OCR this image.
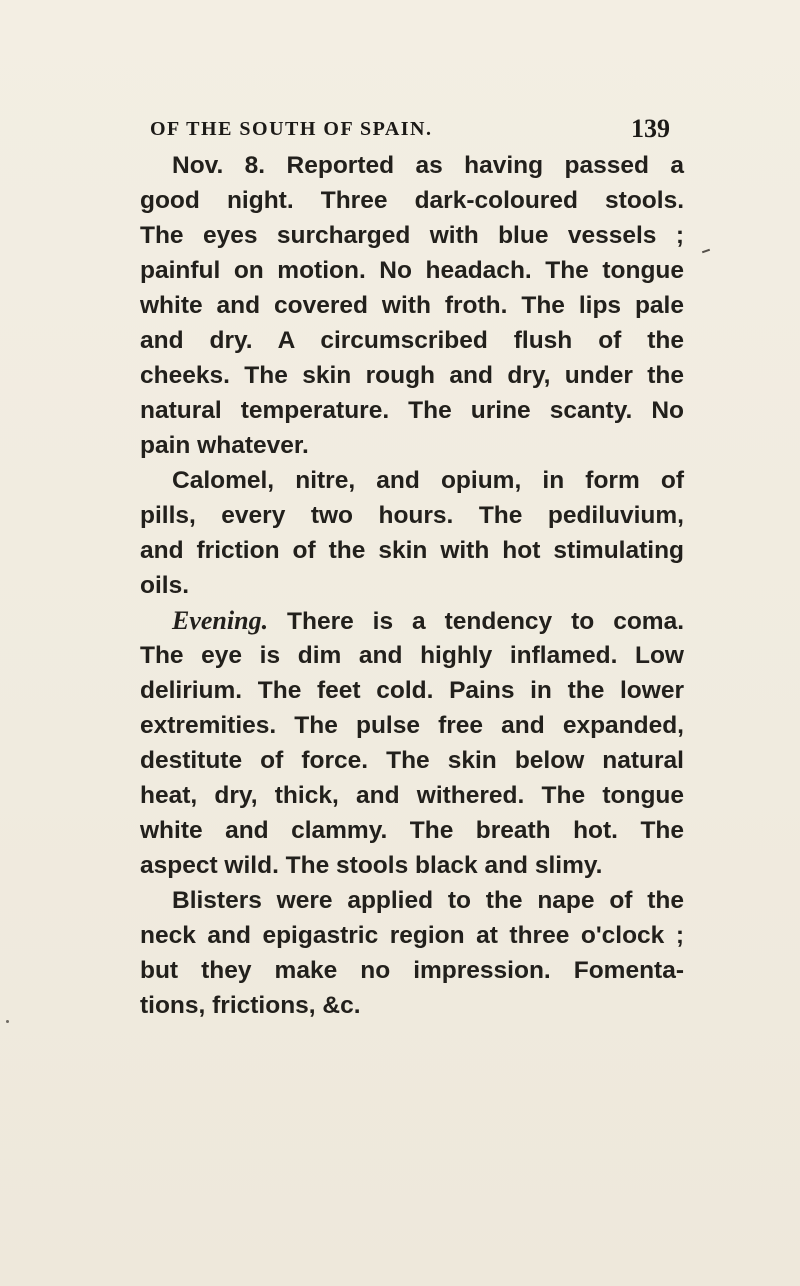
OF THE SOUTH OF SPAIN.	139
Nov. 8. Reported as having passed a
good night. Three dark-coloured stools.
The eyes surcharged with blue vessels ;
painful on motion. No headach. The tongue
white and covered with froth. The lips pale
and dry. A circumscribed flush of the
cheeks. The skin rough and dry, under the
natural temperature. The urine scanty. No
pain whatever.
Calomel, nitre, and opium, in form of
pills, every two hours. The pediluvium,
and friction of the skin with hot stimulating
oils.
Evening. There is a tendency to coma.
The eye is dim and highly inflamed. Low
delirium. The feet cold. Pains in the lower
extremities. The pulse free and expanded,
destitute of force. The skin below natural
heat, dry, thick, and withered. The tongue
white and clammy. The breath hot. The
aspect wild. The stools black and slimy.
Blisters were applied to the nape of the
neck and epigastric region at three o'clock ;
but they make no impression. Fomenta-
tions, frictions, &c.
